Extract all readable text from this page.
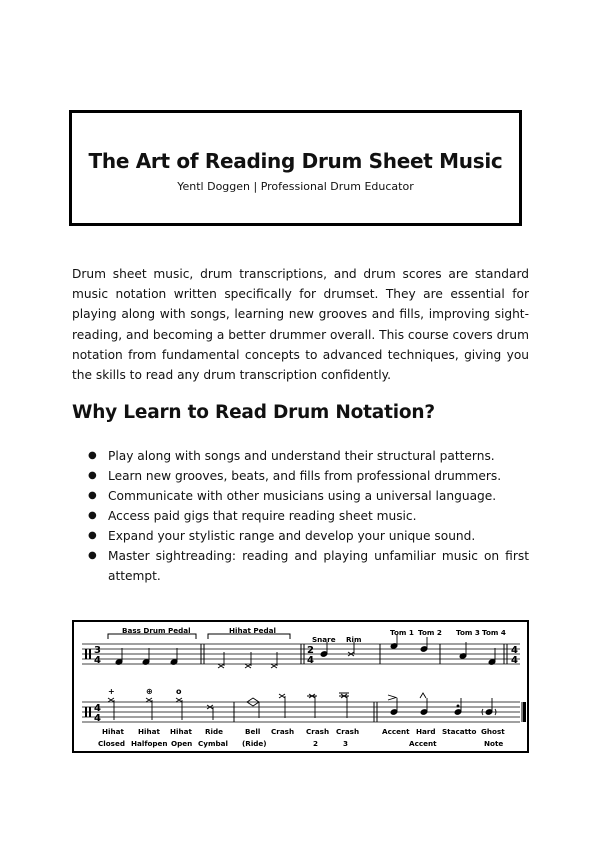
The Art of Reading Drum Sheet Music
Yentl Doggen | Professional Drum Educator

Drum sheet music, drum transcriptions, and drum scores are standard music notation written specifically for drumset. They are essential for playing along with songs, learning new grooves and fills, improving sight-reading, and becoming a better drummer overall. This course covers drum notation from fundamental concepts to advanced techniques, giving you the skills to read any drum transcription confidently.

Why Learn to Read Drum Notation?
● Play along with songs and understand their structural patterns.
● Learn new grooves, beats, and fills from professional drummers.
● Communicate with other musicians using a universal language.
● Access paid gigs that require reading sheet music.
● Expand your stylistic range and develop your unique sound.
● Master sightreading: reading and playing unfamiliar music on first attempt.
3
4
2
4
4
4
4
4
Bass Drum Pedal	Hihat Pedal
Snare Rim
Tom 1 Tom 2 Tom 3 Tom 4
+	⊕	o
Hihat Hihat Hihat Ride	Bell Crash Crash Crash	Accent Hard Stacatto Ghost
Closed Halfopen Open Cymbal (Ride)	2	3	Accent	Note
